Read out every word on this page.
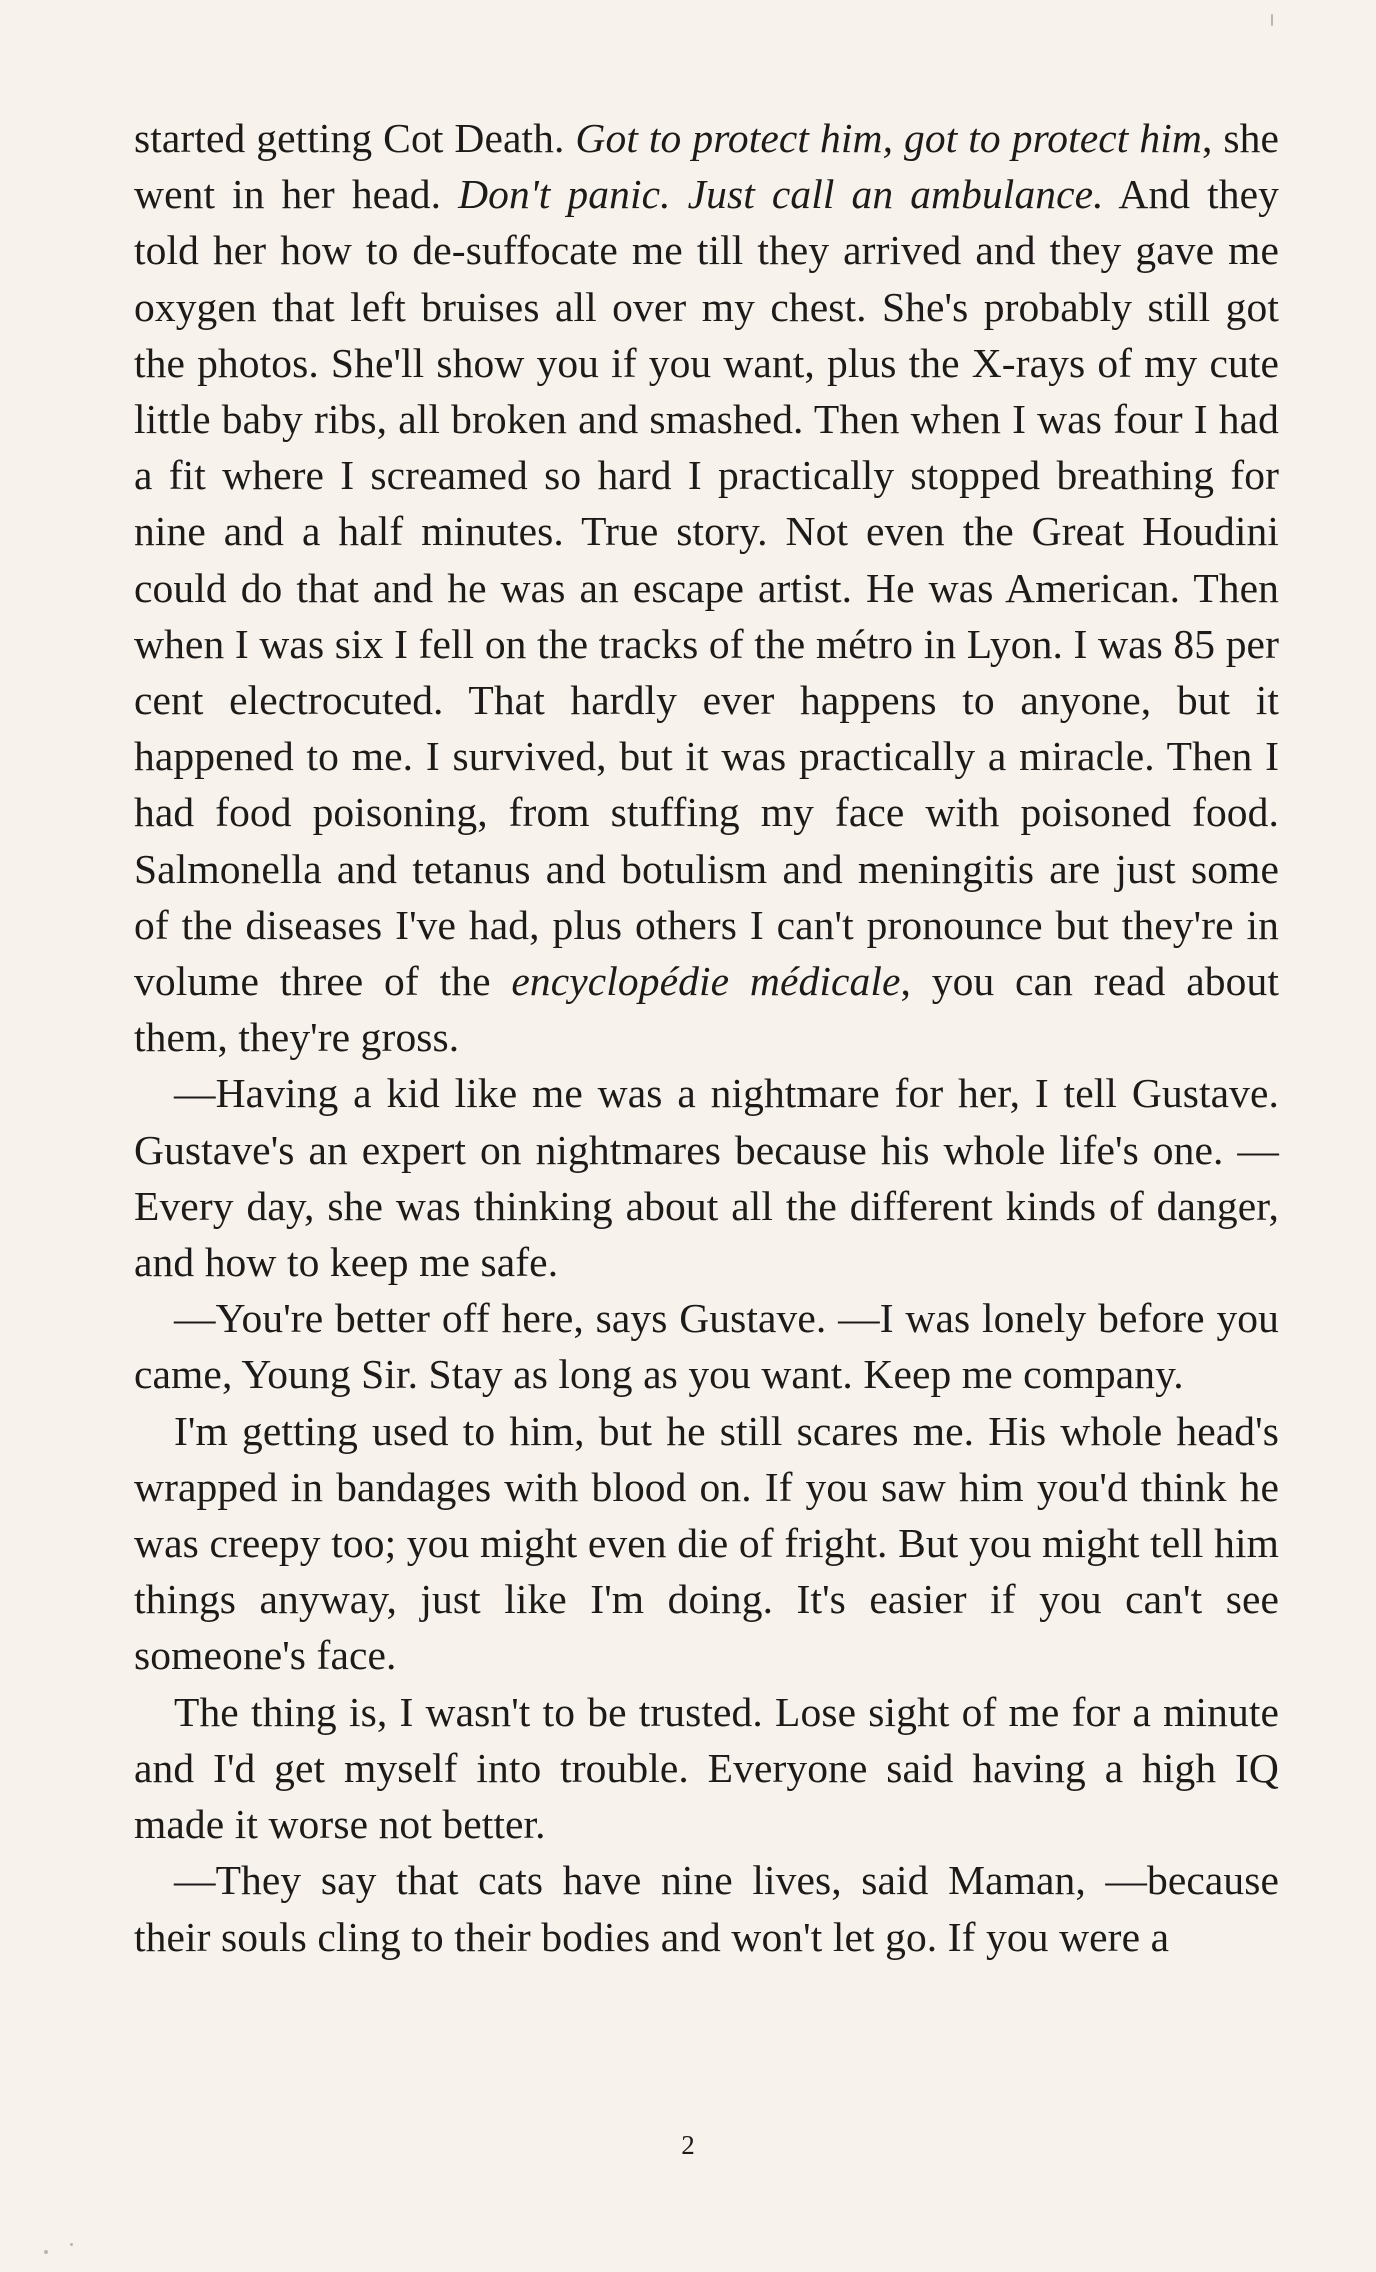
started getting Cot Death. Got to protect him, got to protect him, she went in her head. Don't panic. Just call an ambulance. And they told her how to de-suffocate me till they arrived and they gave me oxygen that left bruises all over my chest. She's probably still got the photos. She'll show you if you want, plus the X-rays of my cute little baby ribs, all broken and smashed. Then when I was four I had a fit where I screamed so hard I practically stopped breathing for nine and a half minutes. True story. Not even the Great Houdini could do that and he was an escape artist. He was American. Then when I was six I fell on the tracks of the métro in Lyon. I was 85 per cent electrocuted. That hardly ever happens to anyone, but it happened to me. I survived, but it was practically a miracle. Then I had food poisoning, from stuffing my face with poisoned food. Salmonella and tetanus and botulism and meningitis are just some of the diseases I've had, plus others I can't pronounce but they're in volume three of the encyclopédie médicale, you can read about them, they're gross.

—Having a kid like me was a nightmare for her, I tell Gustave. Gustave's an expert on nightmares because his whole life's one. —Every day, she was thinking about all the different kinds of danger, and how to keep me safe.

—You're better off here, says Gustave. —I was lonely before you came, Young Sir. Stay as long as you want. Keep me company.

I'm getting used to him, but he still scares me. His whole head's wrapped in bandages with blood on. If you saw him you'd think he was creepy too; you might even die of fright. But you might tell him things anyway, just like I'm doing. It's easier if you can't see someone's face.

The thing is, I wasn't to be trusted. Lose sight of me for a minute and I'd get myself into trouble. Everyone said having a high IQ made it worse not better.

—They say that cats have nine lives, said Maman, —because their souls cling to their bodies and won't let go. If you were a

2
